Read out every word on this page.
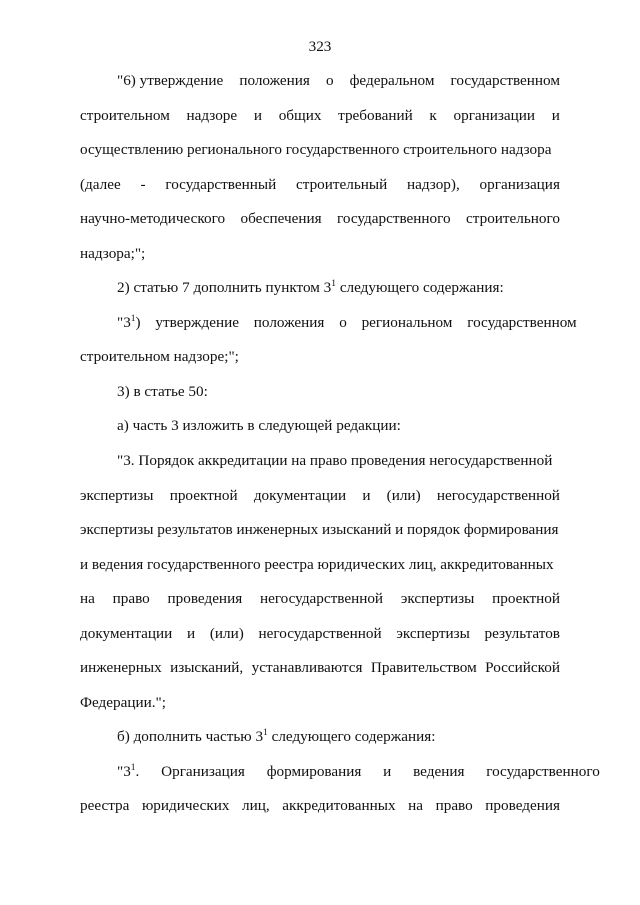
323
"6) утверждение положения о федеральном государственном
строительном надзоре и общих требований к организации и
осуществлению регионального государственного строительного надзора
(далее - государственный строительный надзор), организация
научно-методического обеспечения государственного строительного
надзора;";
2) статью 7 дополнить пунктом $3^1$ следующего содержания:
"$3^1$) утверждение положения о региональном государственном
строительном надзоре;";
3) в статье 50:
а) часть 3 изложить в следующей редакции:
"3. Порядок аккредитации на право проведения негосударственной
экспертизы проектной документации и (или) негосударственной
экспертизы результатов инженерных изысканий и порядок формирования
и ведения государственного реестра юридических лиц, аккредитованных
на право проведения негосударственной экспертизы проектной
документации и (или) негосударственной экспертизы результатов
инженерных изысканий, устанавливаются Правительством Российской
Федерации.";
б) дополнить частью $3^1$ следующего содержания:
"$3^1$. Организация формирования и ведения государственного
реестра юридических лиц, аккредитованных на право проведения
